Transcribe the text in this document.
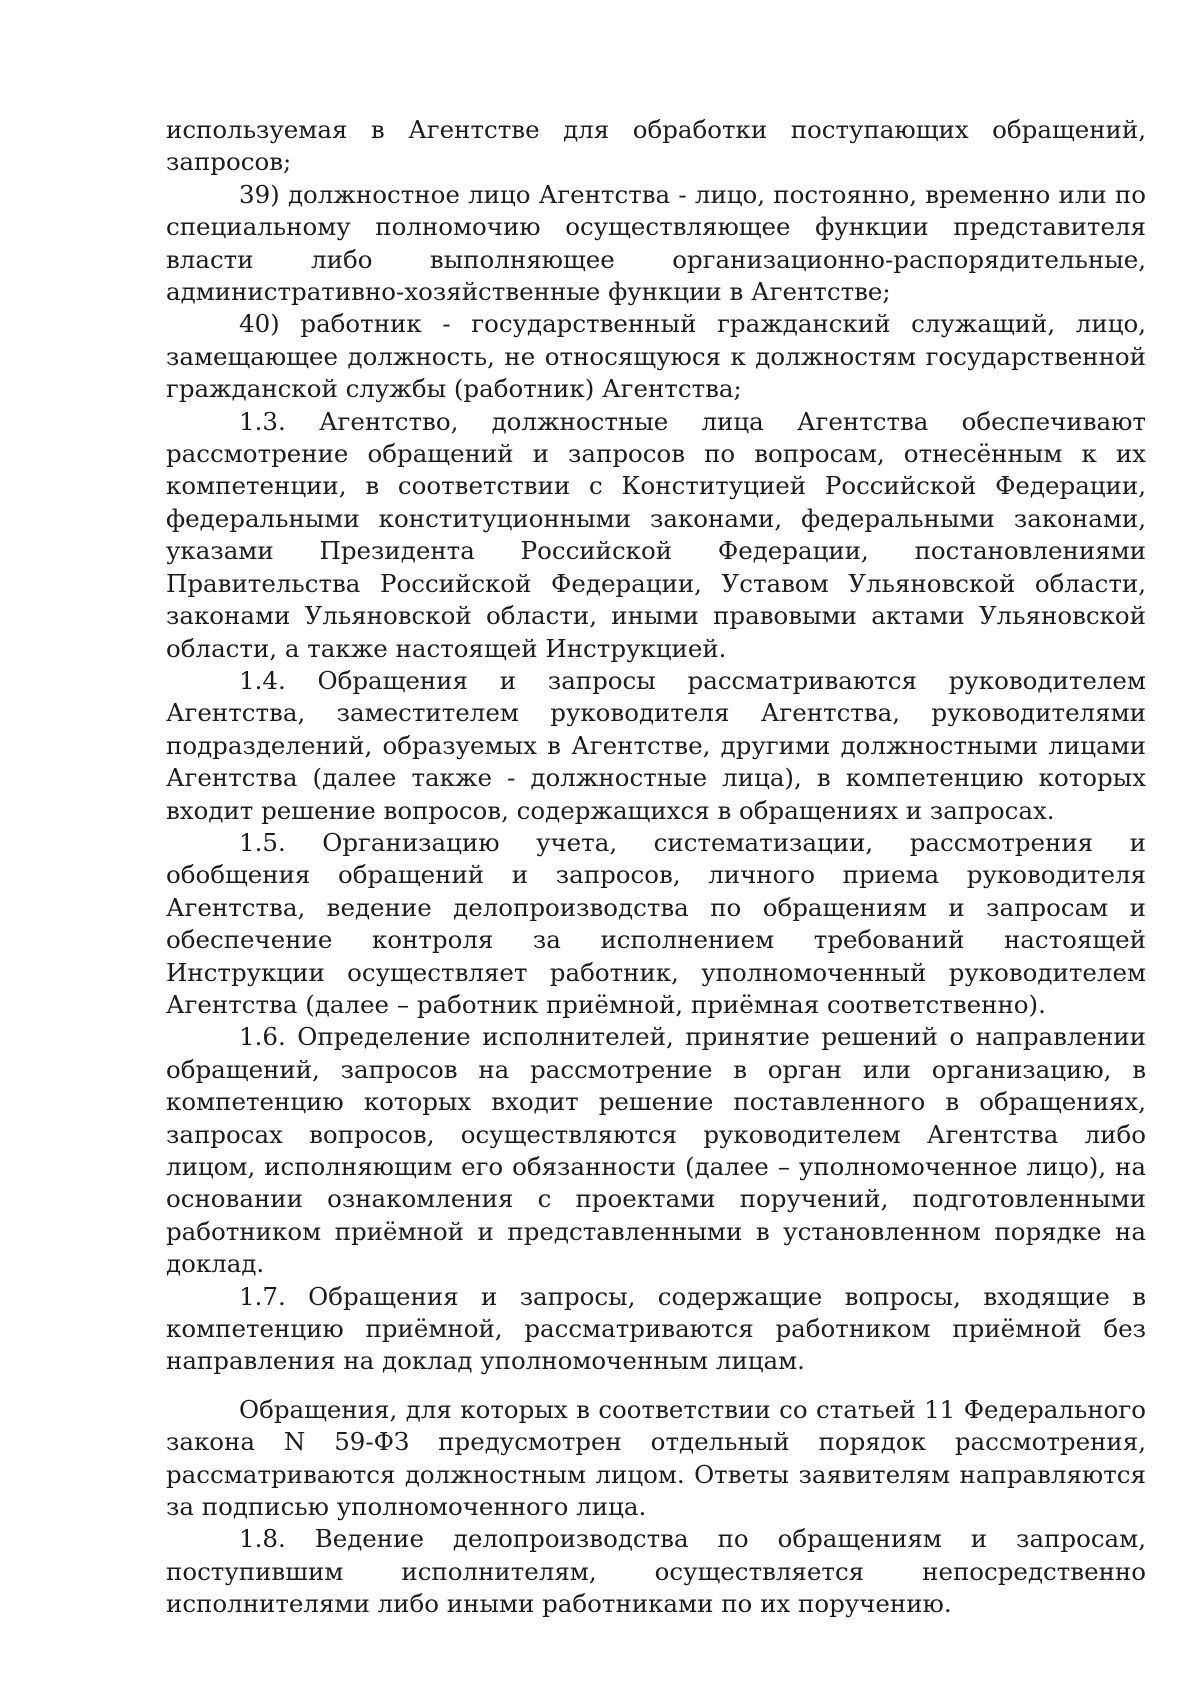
используемая в Агентстве для обработки поступающих обращений, запросов;

39) должностное лицо Агентства - лицо, постоянно, временно или по специальному полномочию осуществляющее функции представителя власти либо выполняющее организационно-распорядительные, административно-хозяйственные функции в Агентстве;

40) работник - государственный гражданский служащий, лицо, замещающее должность, не относящуюся к должностям государственной гражданской службы (работник) Агентства;

1.3. Агентство, должностные лица Агентства обеспечивают рассмотрение обращений и запросов по вопросам, отнесённым к их компетенции, в соответствии с Конституцией Российской Федерации, федеральными конституционными законами, федеральными законами, указами Президента Российской Федерации, постановлениями Правительства Российской Федерации, Уставом Ульяновской области, законами Ульяновской области, иными правовыми актами Ульяновской области, а также настоящей Инструкцией.

1.4. Обращения и запросы рассматриваются руководителем Агентства, заместителем руководителя Агентства, руководителями подразделений, образуемых в Агентстве, другими должностными лицами Агентства (далее также - должностные лица), в компетенцию которых входит решение вопросов, содержащихся в обращениях и запросах.

1.5. Организацию учета, систематизации, рассмотрения и обобщения обращений и запросов, личного приема руководителя Агентства, ведение делопроизводства по обращениям и запросам и обеспечение контроля за исполнением требований настоящей Инструкции осуществляет работник, уполномоченный руководителем Агентства (далее – работник приёмной, приёмная соответственно).

1.6. Определение исполнителей, принятие решений о направлении обращений, запросов на рассмотрение в орган или организацию, в компетенцию которых входит решение поставленного в обращениях, запросах вопросов, осуществляются руководителем Агентства либо лицом, исполняющим его обязанности (далее – уполномоченное лицо), на основании ознакомления с проектами поручений, подготовленными работником приёмной и представленными в установленном порядке на доклад.

1.7. Обращения и запросы, содержащие вопросы, входящие в компетенцию приёмной, рассматриваются работником приёмной без направления на доклад уполномоченным лицам.

Обращения, для которых в соответствии со статьей 11 Федерального закона N 59-ФЗ предусмотрен отдельный порядок рассмотрения, рассматриваются должностным лицом. Ответы заявителям направляются за подписью уполномоченного лица.

1.8. Ведение делопроизводства по обращениям и запросам, поступившим исполнителям, осуществляется непосредственно исполнителями либо иными работниками по их поручению.
